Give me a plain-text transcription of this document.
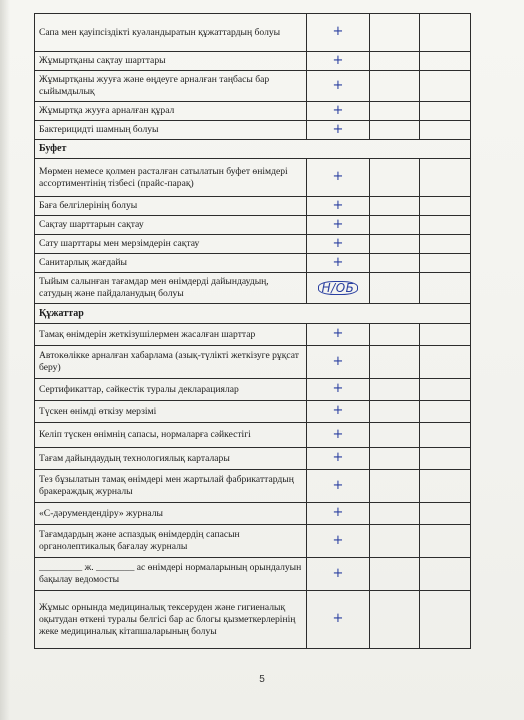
Сапа мен қауіпсіздікті куәландыратын құжаттардың болуы	+		
Жұмыртқаны сақтау шарттары	+		
Жұмыртқаны жууға және өңдеуге арналған таңбасы бар сыйымдылық	+		
Жұмыртқа жууға арналған құрал	+		
Бактерицидті шамның болуы	+		
Буфет			
Мөрмен немесе қолмен расталған сатылатын буфет өнімдері ассортиментінің тізбесі (прайс-парақ)	+		
Баға белгілерінің болуы	+		
Сақтау шарттарын сақтау	+		
Сату шарттары мен мерзімдерін сақтау	+		
Санитарлық жағдайы	+		
Тыйым салынған тағамдар мен өнімдерді дайындаудың, сатудың және пайдаланудың болуы	Н/ОБ		
Құжаттар			
Тамақ өнімдерін жеткізушілермен жасалған шарттар	+		
Автокөлікке арналған хабарлама (азық-түлікті жеткізуге рұқсат беру)	+		
Сертификаттар, сәйкестік туралы декларациялар	+		
Түскен өнімді өткізу мерзімі	+		
Келіп түскен өнімнің сапасы, нормаларға сәйкестігі	+		
Тағам дайындаудың технологиялық карталары	+		
Тез бұзылатын тамақ өнімдері мен жартылай фабрикаттардың бракераждық журналы	+		
«С-дәрумендендіру» журналы	+		
Тағамдардың және аспаздық өнімдердің сапасын органолептикалық бағалау журналы	+		
_________ ж. ________ ас өнімдері нормаларының орындалуын бақылау ведомосты	+		
Жұмыс орнында медициналық тексеруден және гигиеналық оқытудан өткені туралы белгісі бар ас блогы қызметкерлерінің жеке медициналық кітапшаларының болуы	+		
5
